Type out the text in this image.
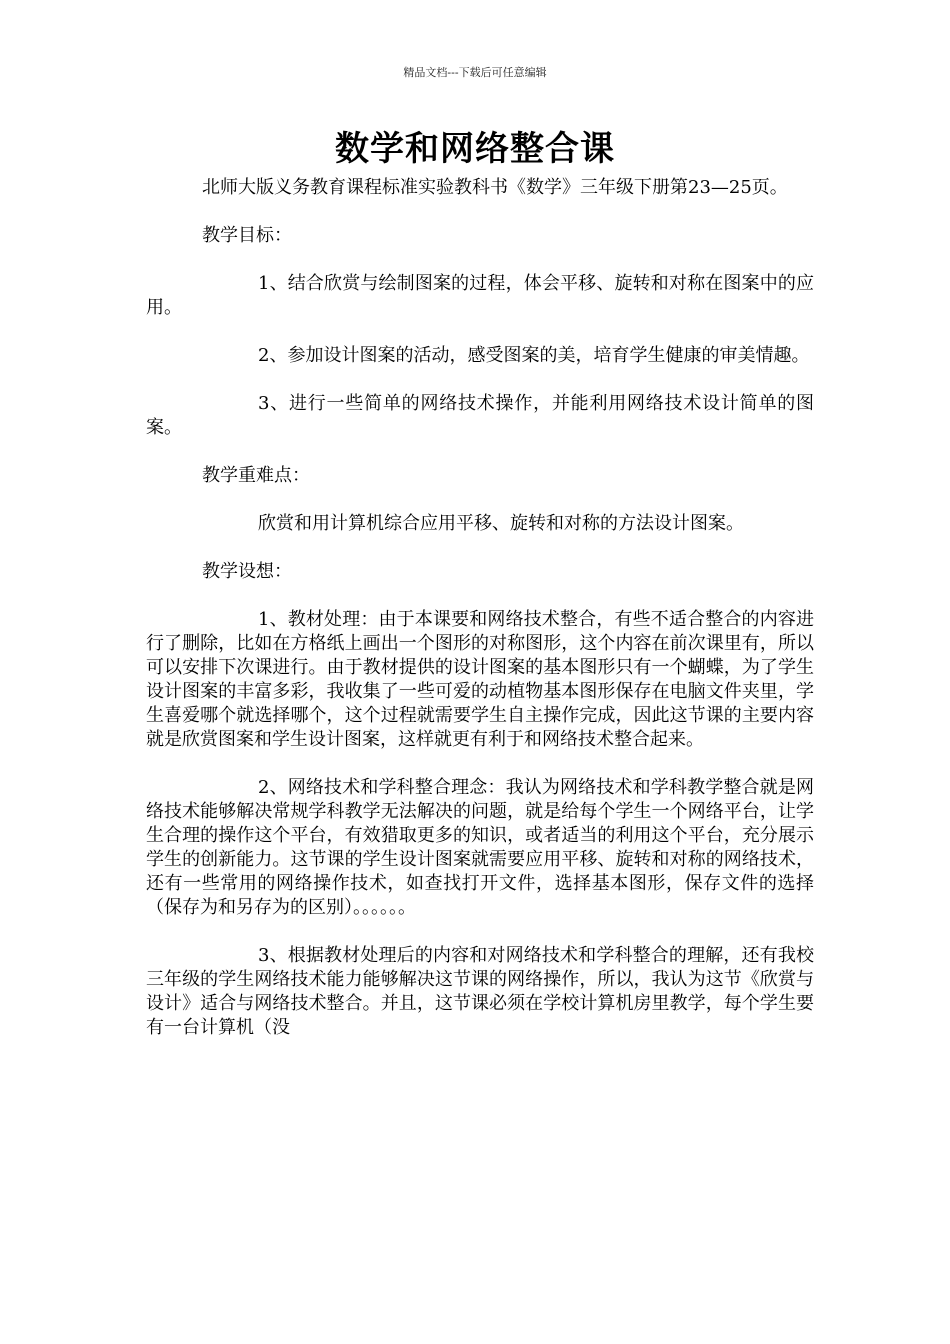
精品文档---下载后可任意编辑
数学和网络整合课

北师大版义务教育课程标准实验教科书《数学》三年级下册第23—25页。

教学目标：

1、结合欣赏与绘制图案的过程，体会平移、旋转和对称在图案中的应用。

2、参加设计图案的活动，感受图案的美，培育学生健康的审美情趣。

3、进行一些简单的网络技术操作，并能利用网络技术设计简单的图案。

教学重难点：

欣赏和用计算机综合应用平移、旋转和对称的方法设计图案。

教学设想：

1、教材处理：由于本课要和网络技术整合，有些不适合整合的内容进行了删除，比如在方格纸上画出一个图形的对称图形，这个内容在前次课里有，所以可以安排下次课进行。由于教材提供的设计图案的基本图形只有一个蝴蝶，为了学生设计图案的丰富多彩，我收集了一些可爱的动植物基本图形保存在电脑文件夹里，学生喜爱哪个就选择哪个，这个过程就需要学生自主操作完成，因此这节课的主要内容就是欣赏图案和学生设计图案，这样就更有利于和网络技术整合起来。

2、网络技术和学科整合理念：我认为网络技术和学科教学整合就是网络技术能够解决常规学科教学无法解决的问题，就是给每个学生一个网络平台，让学生合理的操作这个平台，有效猎取更多的知识，或者适当的利用这个平台，充分展示学生的创新能力。这节课的学生设计图案就需要应用平移、旋转和对称的网络技术，还有一些常用的网络操作技术，如查找打开文件，选择基本图形，保存文件的选择（保存为和另存为的区别）。。。。。。

3、根据教材处理后的内容和对网络技术和学科整合的理解，还有我校三年级的学生网络技术能力能够解决这节课的网络操作，所以，我认为这节《欣赏与设计》适合与网络技术整合。并且，这节课必须在学校计算机房里教学，每个学生要有一台计算机（没
